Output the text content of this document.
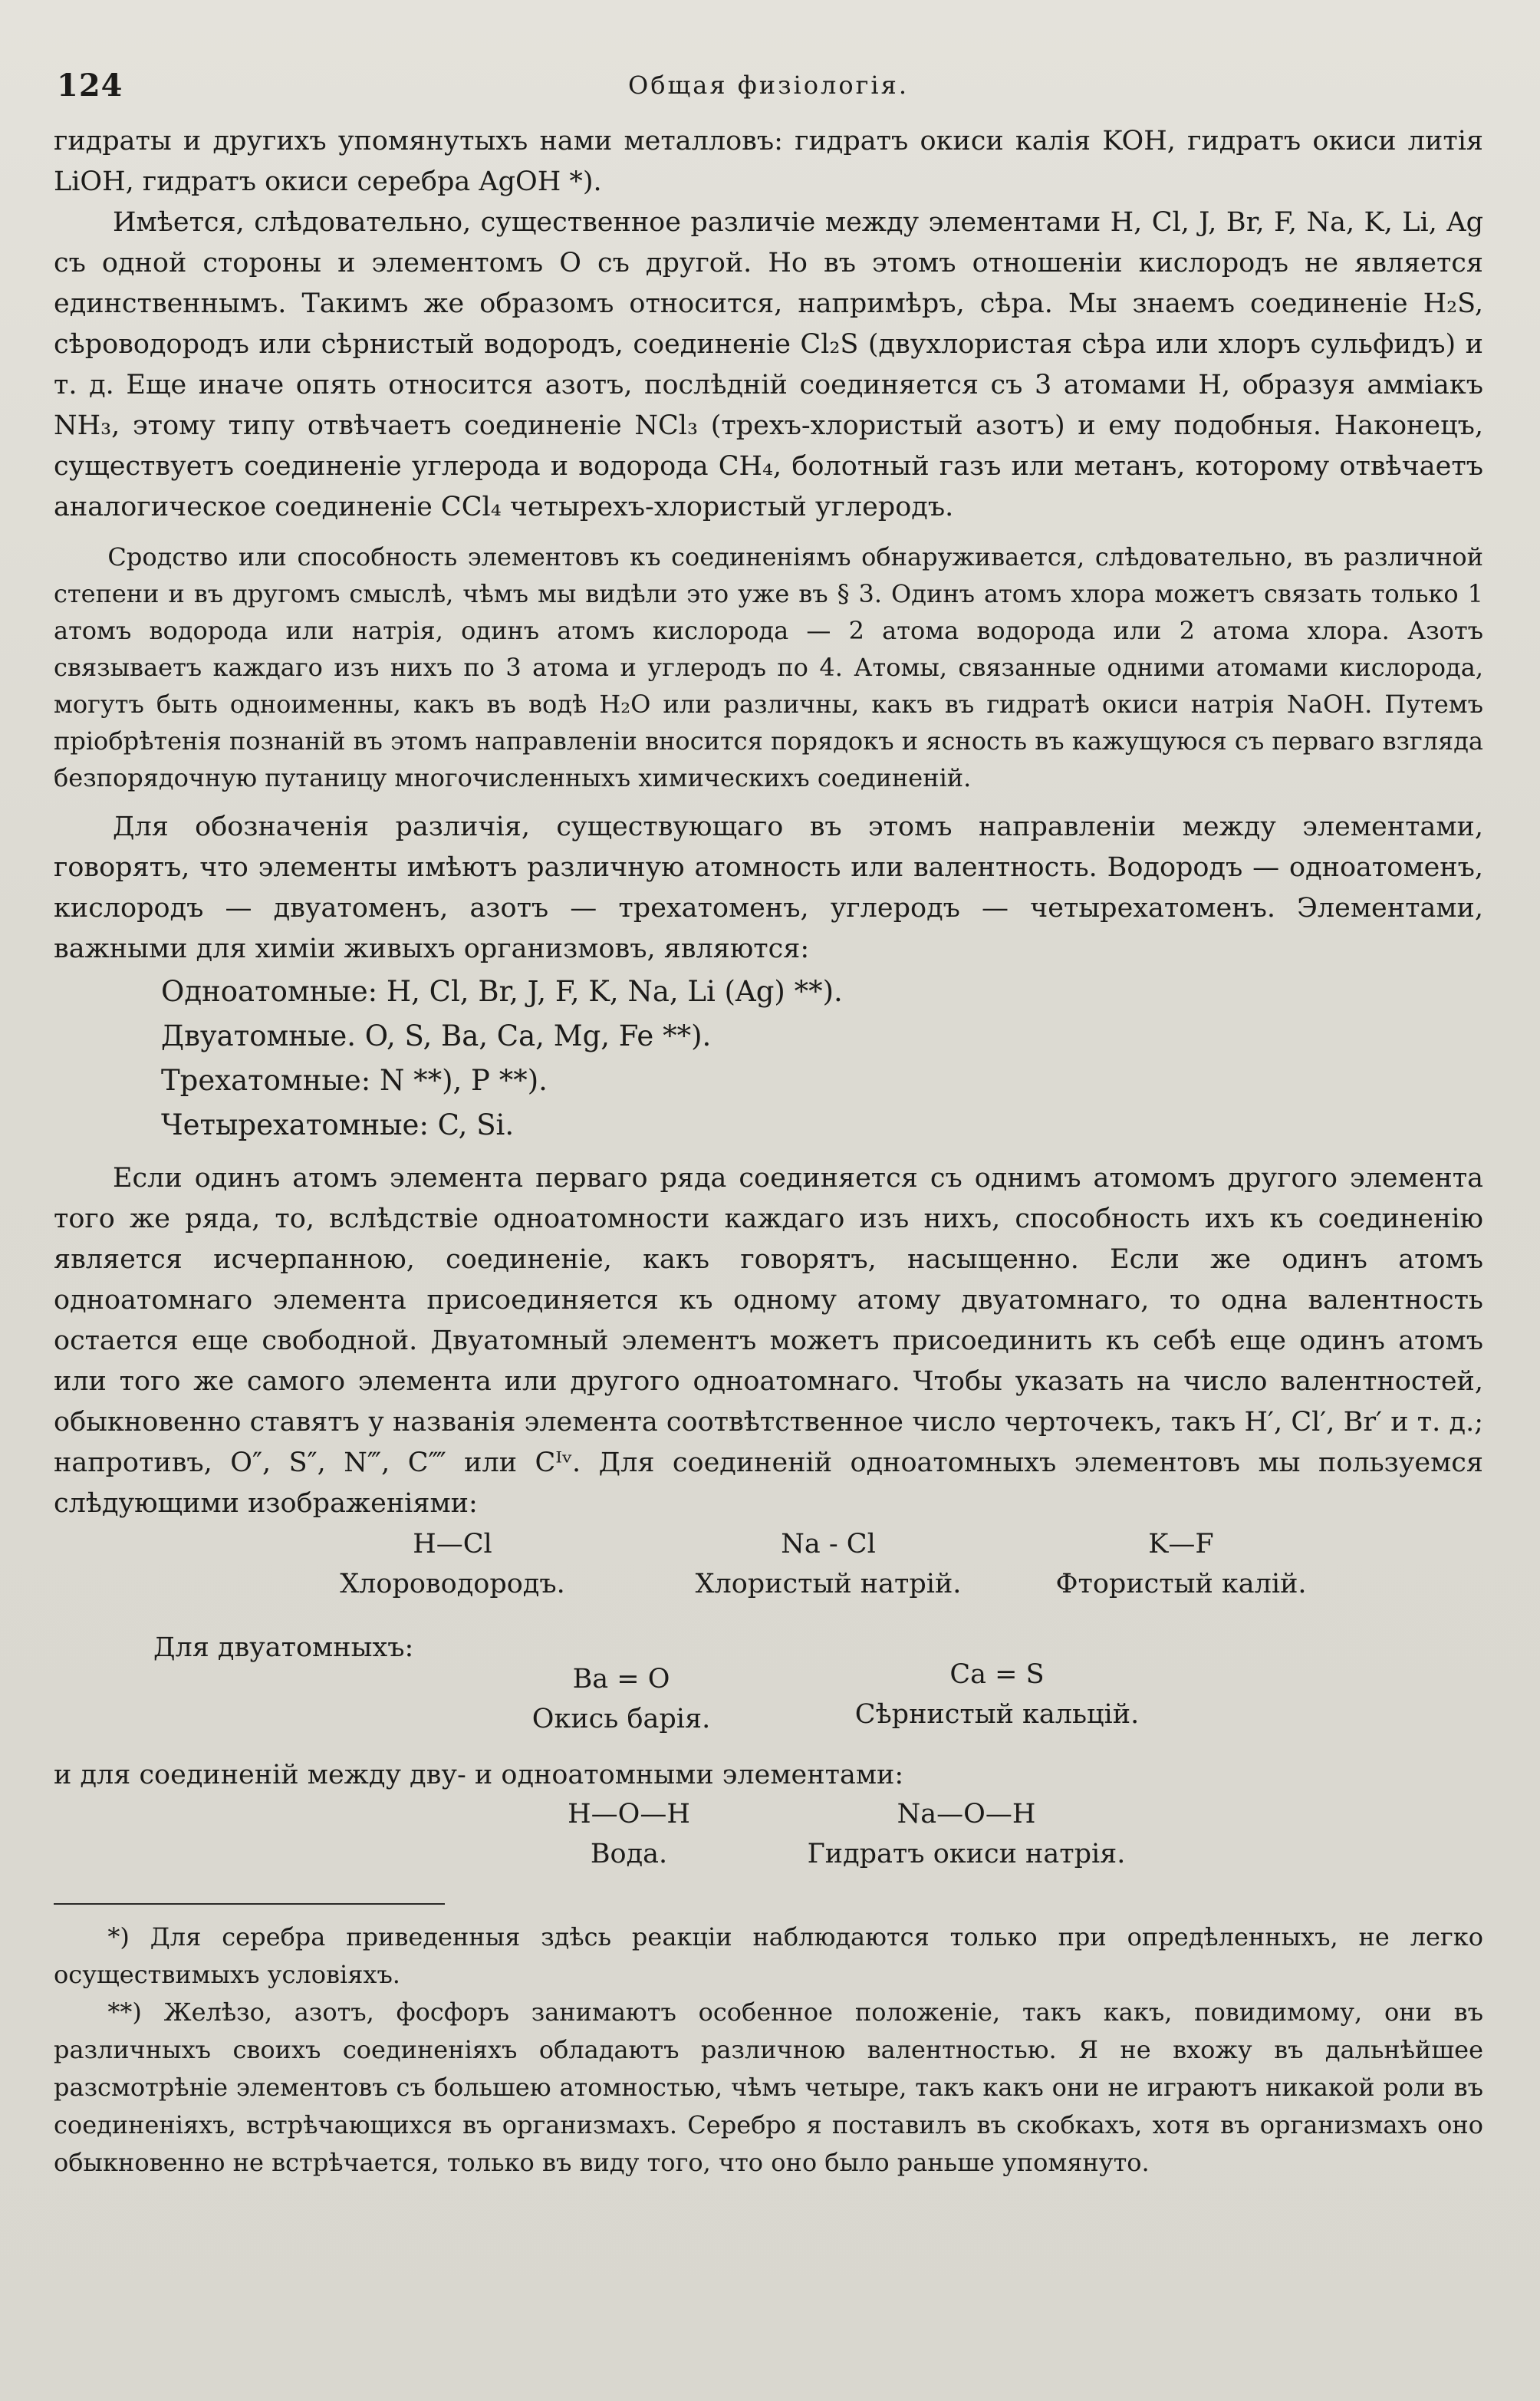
124	Общая физіологія.

гидраты и другихъ упомянутыхъ нами металловъ: гидратъ окиси калія KOH, гидратъ окиси литія LiOH, гидратъ окиси серебра AgOH *).

Имѣется, слѣдовательно, существенное различіе между элементами H, Cl, J, Br, F, Na, K, Li, Ag съ одной стороны и элементомъ O съ другой. Но въ этомъ отношеніи кислородъ не является единственнымъ. Такимъ же образомъ относится, напримѣръ, сѣра. Мы знаемъ соединеніе H₂S, сѣроводородъ или сѣрнистый водородъ, соединеніе Cl₂S (двухлористая сѣра или хлоръ сульфидъ) и т. д. Еще иначе опять относится азотъ, послѣдній соединяется съ 3 атомами H, образуя амміакъ NH₃, этому типу отвѣчаетъ соединеніе NCl₃ (трехъ-хлористый азотъ) и ему подобныя. Наконецъ, существуетъ соединеніе углерода и водорода CH₄, болотный газъ или метанъ, которому отвѣчаетъ аналогическое соединеніе CCl₄ четырехъ-хлористый углеродъ.

Сродство или способность элементовъ къ соединеніямъ обнаруживается, слѣдовательно, въ различной степени и въ другомъ смыслѣ, чѣмъ мы видѣли это уже въ § 3. Одинъ атомъ хлора можетъ связать только 1 атомъ водорода или натрія, одинъ атомъ кислорода — 2 атома водорода или 2 атома хлора. Азотъ связываетъ каждаго изъ нихъ по 3 атома и углеродъ по 4. Атомы, связанные одними атомами кислорода, могутъ быть одноименны, какъ въ водѣ H₂O или различны, какъ въ гидратѣ окиси натрія NaOH. Путемъ пріобрѣтенія познаній въ этомъ направленіи вносится порядокъ и ясность въ кажущуюся съ перваго взгляда безпорядочную путаницу многочисленныхъ химическихъ соединеній.

Для обозначенія различія, существующаго въ этомъ направленіи между элементами, говорятъ, что элементы имѣютъ различную атомность или валентность. Водородъ — одноатоменъ, кислородъ — двуатоменъ, азотъ — трехатоменъ, углеродъ — четырехатоменъ. Элементами, важными для химіи живыхъ организмовъ, являются:

Одноатомные: H, Cl, Br, J, F, K, Na, Li (Ag) **).
Двуатомные. O, S, Ba, Ca, Mg, Fe **).
Трехатомные: N **), P **).
Четырехатомные: C, Si.

Если одинъ атомъ элемента перваго ряда соединяется съ однимъ атомомъ другого элемента того же ряда, то, вслѣдствіе одноатомности каждаго изъ нихъ, способность ихъ къ соединенію является исчерпанною, соединеніе, какъ говорятъ, насыщенно. Если же одинъ атомъ одноатомнаго элемента присоединяется къ одному атому двуатомнаго, то одна валентность остается еще свободной. Двуатомный элементъ можетъ присоединить къ себѣ еще одинъ атомъ или того же самого элемента или другого одноатомнаго. Чтобы указать на число валентностей, обыкновенно ставятъ у названія элемента соотвѣтственное число черточекъ, такъ H′, Cl′, Br′ и т. д.; напротивъ, O″, S″, N‴, C⁗ или Cᴵᵛ. Для соединеній одноатомныхъ элементовъ мы пользуемся слѣдующими изображеніями:

H—Cl
Хлороводородъ.
Na - Cl
Хлористый натрій.
K—F
Фтористый калій.
Для двуатомныхъ:
Ba = O
Окись барія.
Ca = S
Сѣрнистый кальцій.
и для соединеній между дву- и одноатомными элементами:
H—O—H
Вода.
Na—O—H
Гидратъ окиси натрія.

*) Для серебра приведенныя здѣсь реакціи наблюдаются только при опредѣленныхъ, не легко осуществимыхъ условіяхъ.

**) Желѣзо, азотъ, фосфоръ занимаютъ особенное положеніе, такъ какъ, повидимому, они въ различныхъ своихъ соединеніяхъ обладаютъ различною валентностью. Я не вхожу въ дальнѣйшее разсмотрѣніе элементовъ съ большею атомностью, чѣмъ четыре, такъ какъ они не играютъ никакой роли въ соединеніяхъ, встрѣчающихся въ организмахъ. Серебро я поставилъ въ скобкахъ, хотя въ организмахъ оно обыкновенно не встрѣчается, только въ виду того, что оно было раньше упомянуто.
